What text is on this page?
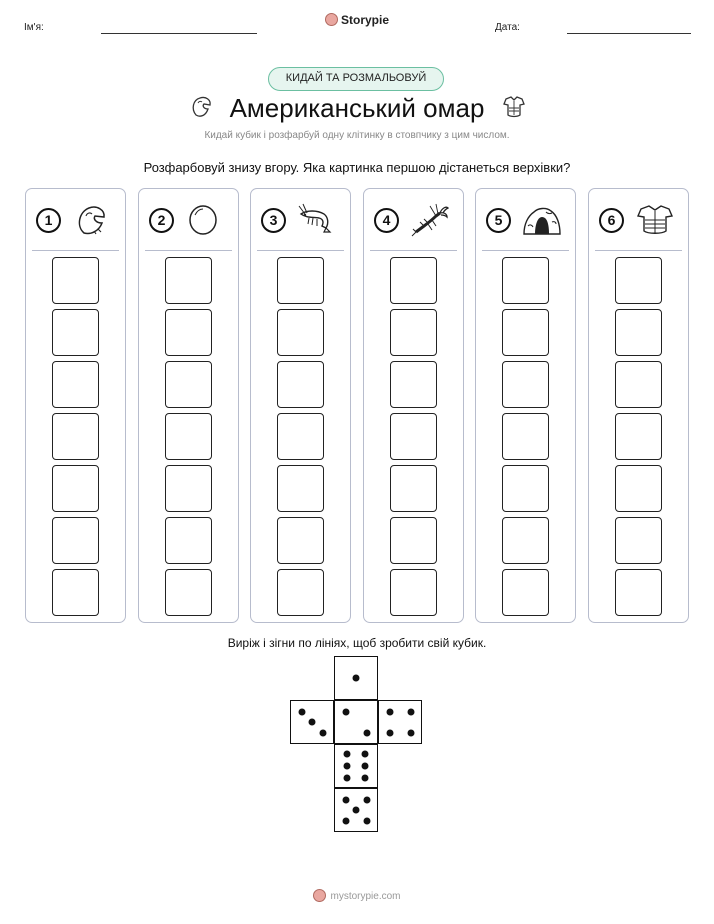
Ім'я:
Storypie
Дата:
КИДАЙ ТА РОЗМАЛЬОВУЙ
Американський омар
Кидай кубик і розфарбуй одну клітинку в стовпчику з цим числом.
Розфарбовуй знизу вгору. Яка картинка першою дістанеться верхівки?
1	2	3	4	5	6
Виріж і зігни по лініях, щоб зробити свій кубик.
mystorypie.com
